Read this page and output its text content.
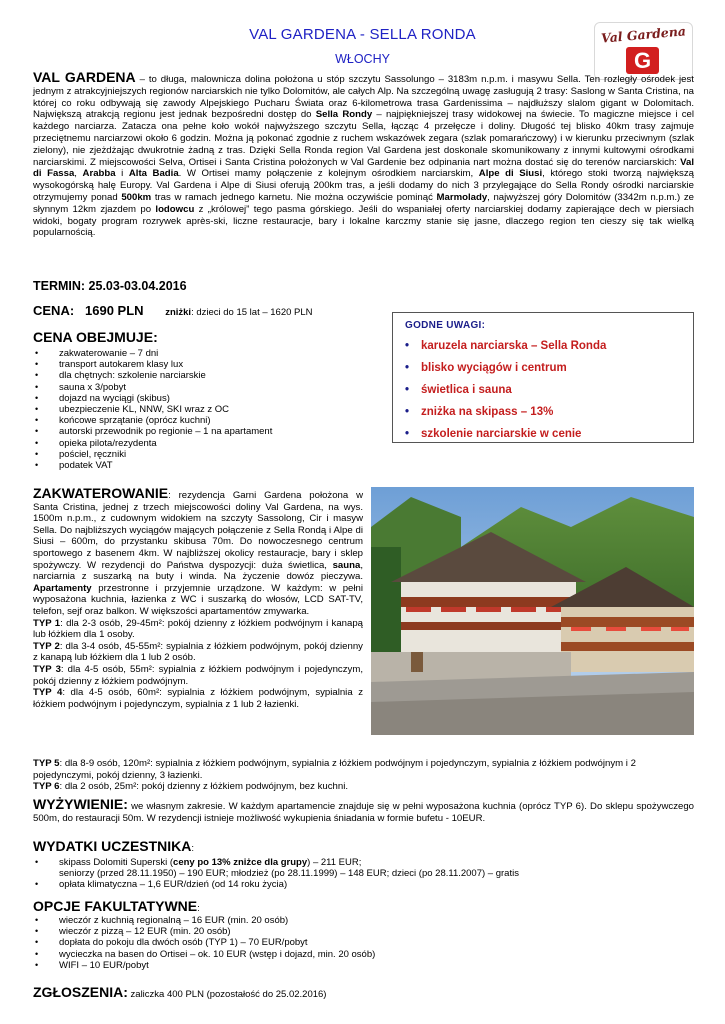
VAL GARDENA - SELLA RONDA
WŁOCHY
Val Gardena
G
VAL GARDENA – to długa, malownicza dolina położona u stóp szczytu Sassolungo – 3183m n.p.m. i masywu Sella. Ten rozległy ośrodek jest jednym z atrakcyjniejszych regionów narciarskich nie tylko Dolomitów, ale całych Alp. Na szczególną uwagę zasługują 2 trasy: Saslong w Santa Cristina, na której co roku odbywają się zawody Alpejskiego Pucharu Świata oraz 6-kilometrowa trasa Gardenissima – najdłuższy slalom gigant w Dolomitach. Największą atrakcją regionu jest jednak bezpośredni dostęp do Sella Rondy – najpiękniejszej trasy widokowej na świecie. To magiczne miejsce i cel każdego narciarza. Zatacza ona pełne koło wokół najwyższego szczytu Sella, łącząc 4 przełęcze i doliny. Długość tej blisko 40km trasy zajmuje przeciętnemu narciarzowi około 6 godzin. Można ją pokonać zgodnie z ruchem wskazówek zegara (szlak pomarańczowy) i w kierunku przeciwnym (szlak zielony), nie zjeżdżając dwukrotnie żadną z tras. Dzięki Sella Ronda region Val Gardena jest doskonale skomunikowany z innymi kultowymi ośrodkami narciarskimi. Z miejscowości Selva, Ortisei i Santa Cristina położonych w Val Gardenie bez odpinania nart można dostać się do terenów narciarskich: Val di Fassa, Arabba i Alta Badia. W Ortisei mamy połączenie z kolejnym ośrodkiem narciarskim, Alpe di Siusi, którego stoki tworzą największą wysokogórską halę Europy. Val Gardena i Alpe di Siusi oferują 200km tras, a jeśli dodamy do nich 3 przylegające do Sella Rondy ośrodki narciarskie otrzymujemy ponad 500km tras w ramach jednego karnetu. Nie można oczywiście pominąć Marmolady, najwyższej góry Dolomitów (3342m n.p.m.) ze słynnym 12km zjazdem po lodowcu z „królowej” tego pasma górskiego. Jeśli do wspaniałej oferty narciarskiej dodamy zapierające dech w piersiach widoki, bogaty program rozrywek après-ski, liczne restauracje, bary i lokalne karczmy stanie się jasne, dlaczego region ten cieszy się tak wielką popularnością.
TERMIN: 25.03-03.04.2016
CENA: 1690 PLN zniżki: dzieci do 15 lat – 1620 PLN
CENA OBEJMUJE:
• zakwaterowanie – 7 dni
• transport autokarem klasy lux
• dla chętnych: szkolenie narciarskie
• sauna x 3/pobyt
• dojazd na wyciągi (skibus)
• ubezpieczenie KL, NNW, SKI wraz z OC
• końcowe sprzątanie (oprócz kuchni)
• autorski przewodnik po regionie – 1 na apartament
• opieka pilota/rezydenta
• pościel, ręczniki
• podatek VAT
GODNE UWAGI:
• karuzela narciarska – Sella Ronda
• blisko wyciągów i centrum
• świetlica i sauna
• zniżka na skipass – 13%
• szkolenie narciarskie w cenie
ZAKWATEROWANIE: rezydencja Garni Gardena położona w Santa Cristina, jednej z trzech miejscowości doliny Val Gardena, na wys. 1500m n.p.m., z cudownym widokiem na szczyty Sassolong, Cir i masyw Sella. Do najbliższych wyciągów mających połączenie z Sella Rondą i Alpe di Siusi – 600m, do przystanku skibusa 70m. Do nowoczesnego centrum sportowego z basenem 4km. W najbliższej okolicy restauracje, bary i sklep spożywczy. W rezydencji do Państwa dyspozycji: duża świetlica, sauna, narciarnia z suszarką na buty i winda. Na życzenie dowóz pieczywa. Apartamenty przestronne i przyjemnie urządzone. W każdym: w pełni wyposażona kuchnia, łazienka z WC i suszarką do włosów, LCD SAT-TV, telefon, sejf oraz balkon. W większości apartamentów zmywarka.
TYP 1: dla 2-3 osób, 29-45m²: pokój dzienny z łóżkiem podwójnym i kanapą lub łóżkiem dla 1 osoby.
TYP 2: dla 3-4 osób, 45-55m²: sypialnia z łóżkiem podwójnym, pokój dzienny z kanapą lub łóżkiem dla 1 lub 2 osób.
TYP 3: dla 4-5 osób, 55m²: sypialnia z łóżkiem podwójnym i pojedynczym, pokój dzienny z łóżkiem podwójnym.
TYP 4: dla 4-5 osób, 60m²: sypialnia z łóżkiem podwójnym, sypialnia z łóżkiem podwójnym i pojedynczym, sypialnia z 1 lub 2 łazienki.
TYP 5: dla 8-9 osób, 120m²: sypialnia z łóżkiem podwójnym, sypialnia z łóżkiem podwójnym i pojedynczym, sypialnia z łóżkiem podwójnym i 2 pojedynczymi, pokój dzienny, 3 łazienki.
TYP 6: dla 2 osób, 25m²: pokój dzienny z łóżkiem podwójnym, bez kuchni.
WYŻYWIENIE: we własnym zakresie. W każdym apartamencie znajduje się w pełni wyposażona kuchnia (oprócz TYP 6). Do sklepu spożywczego 500m, do restauracji 50m. W rezydencji istnieje możliwość wykupienia śniadania w formie bufetu - 10EUR.
WYDATKI UCZESTNIKA:
• skipass Dolomiti Superski (ceny po 13% zniżce dla grupy) – 211 EUR;
seniorzy (przed 28.11.1950) – 190 EUR; młodzież (po 28.11.1999) – 148 EUR; dzieci (po 28.11.2007) – gratis
• opłata klimatyczna – 1,6 EUR/dzień (od 14 roku życia)
OPCJE FAKULTATYWNE:
• wieczór z kuchnią regionalną – 16 EUR (min. 20 osób)
• wieczór z pizzą – 12 EUR (min. 20 osób)
• dopłata do pokoju dla dwóch osób (TYP 1) – 70 EUR/pobyt
• wycieczka na basen do Ortisei – ok. 10 EUR (wstęp i dojazd, min. 20 osób)
• WIFI – 10 EUR/pobyt
ZGŁOSZENIA: zaliczka 400 PLN (pozostałość do 25.02.2016)
